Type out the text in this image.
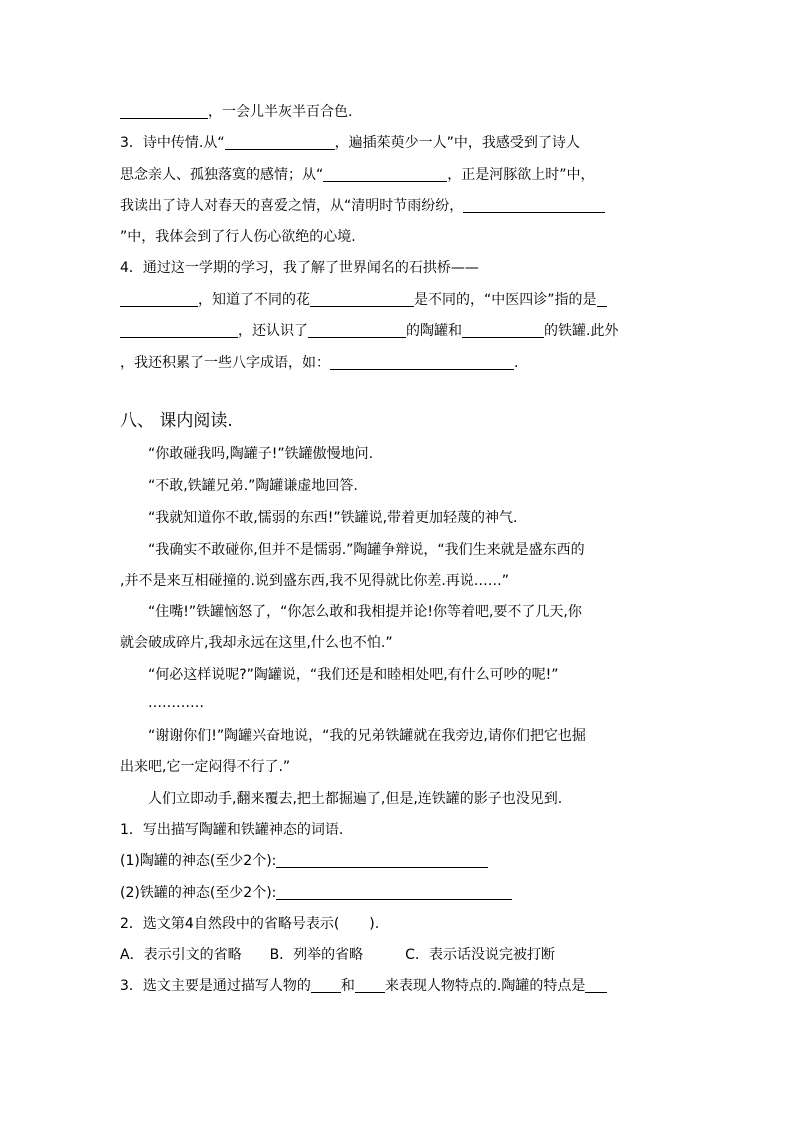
，一会儿半灰半百合色.
3．诗中传情.从“	，遍插茱萸少一人”中，我感受到了诗人
思念亲人、孤独落寞的感情；从“	，正是河豚欲上时”中，
我读出了诗人对春天的喜爱之情，从“清明时节雨纷纷，
”中，我体会到了行人伤心欲绝的心境.
4．通过这一学期的学习，我了解了世界闻名的石拱桥——
，知道了不同的花	是不同的，“中医四诊”指的是
，还认识了	的陶罐和	的铁罐.此外
，我还积累了一些八字成语，如：	.
八、 课内阅读.
“你敢碰我吗,陶罐子!”铁罐傲慢地问.
“不敢,铁罐兄弟.”陶罐谦虚地回答.
“我就知道你不敢,懦弱的东西!”铁罐说,带着更加轻蔑的神气.
“我确实不敢碰你,但并不是懦弱.”陶罐争辩说，“我们生来就是盛东西的
,并不是来互相碰撞的.说到盛东西,我不见得就比你差.再说……”
“住嘴!”铁罐恼怒了，“你怎么敢和我相提并论!你等着吧,要不了几天,你
就会破成碎片,我却永远在这里,什么也不怕.”
“何必这样说呢?”陶罐说，“我们还是和睦相处吧,有什么可吵的呢!”
…………
“谢谢你们!”陶罐兴奋地说，“我的兄弟铁罐就在我旁边,请你们把它也掘
出来吧,它一定闷得不行了.”
人们立即动手,翻来覆去,把土都掘遍了,但是,连铁罐的影子也没见到.
1．写出描写陶罐和铁罐神态的词语.
(1)陶罐的神态(至少2个):
(2)铁罐的神态(至少2个):
2．选文第4自然段中的省略号表示( ).
A．表示引文的省略　　B．列举的省略　　　C．表示话没说完被打断
3．选文主要是通过描写人物的 和 来表现人物特点的.陶罐的特点是
